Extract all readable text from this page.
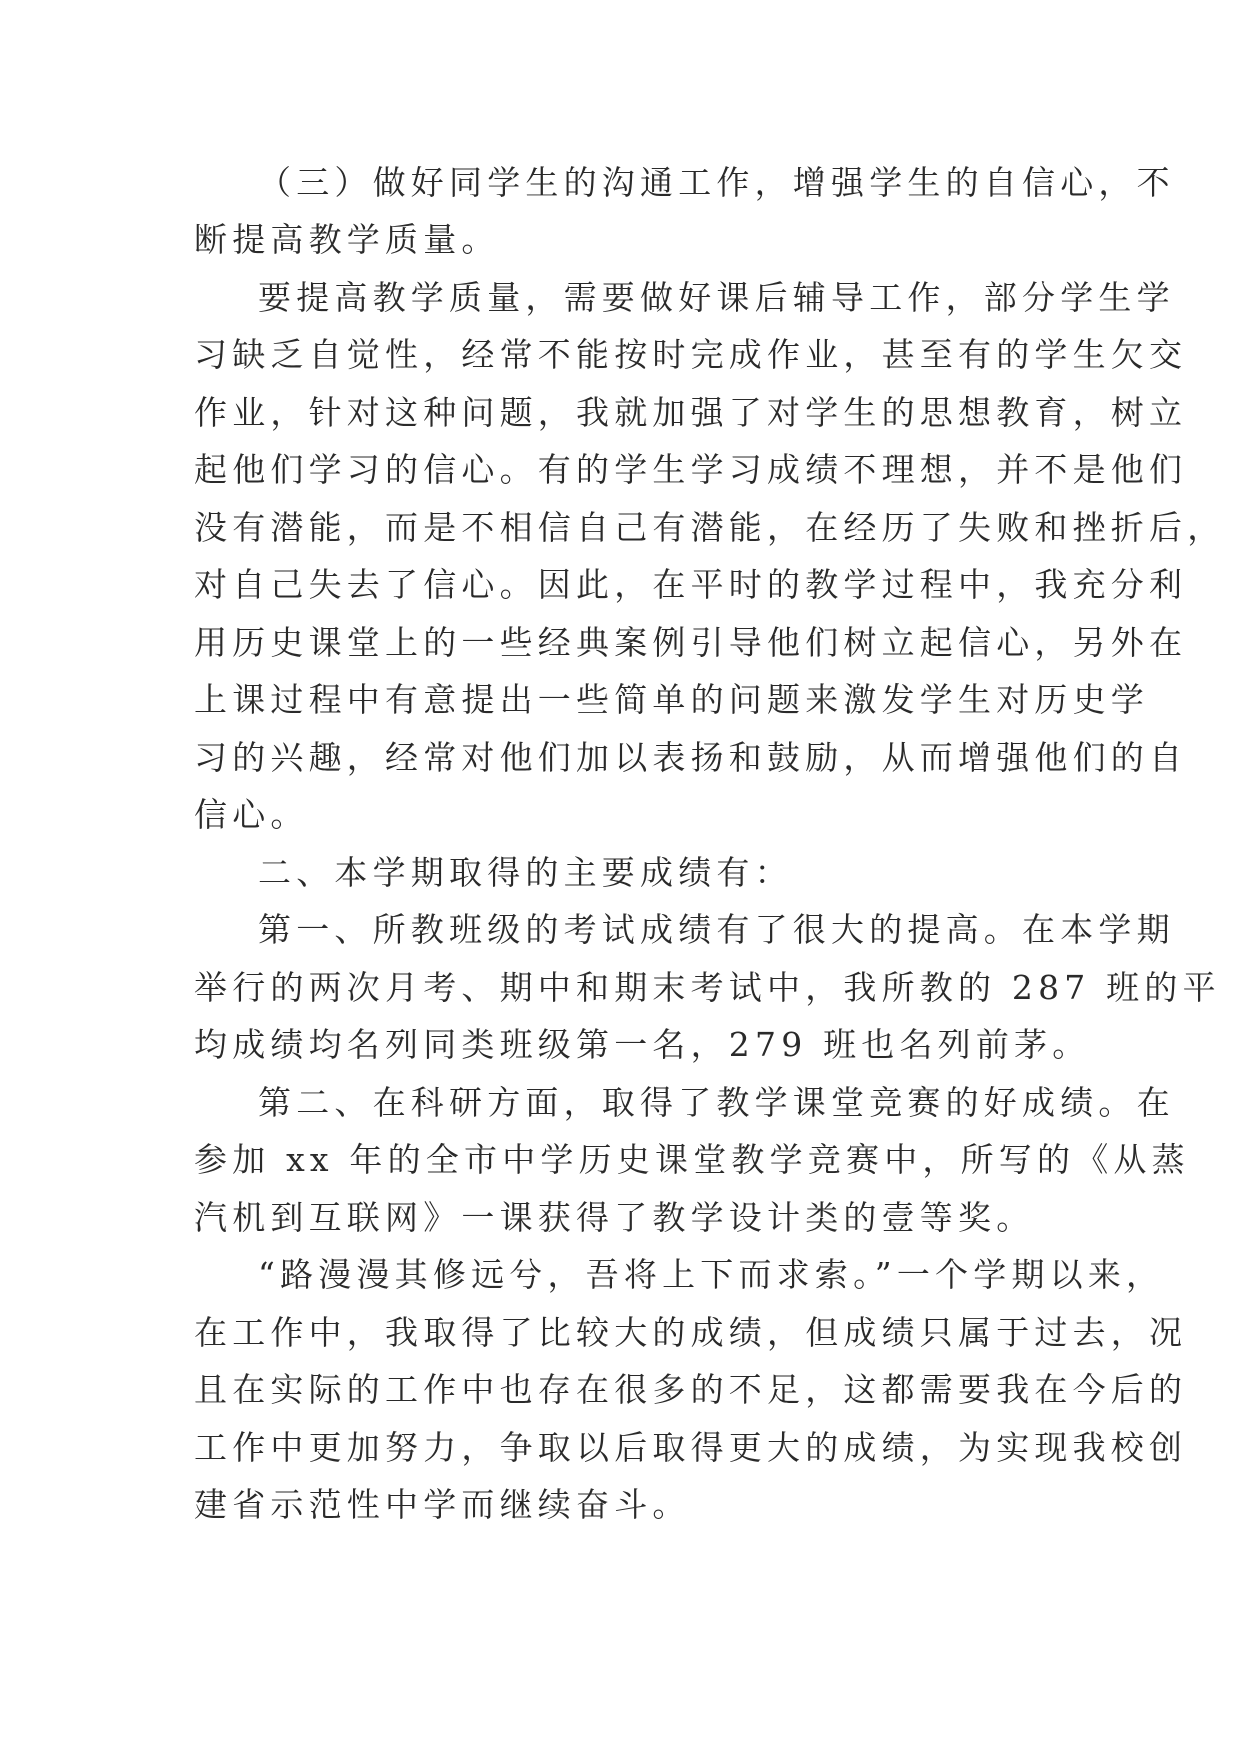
（三）做好同学生的沟通工作，增强学生的自信心，不
断提高教学质量。
要提高教学质量，需要做好课后辅导工作，部分学生学
习缺乏自觉性，经常不能按时完成作业，甚至有的学生欠交
作业，针对这种问题，我就加强了对学生的思想教育，树立
起他们学习的信心。有的学生学习成绩不理想，并不是他们
没有潜能，而是不相信自己有潜能，在经历了失败和挫折后，
对自己失去了信心。因此，在平时的教学过程中，我充分利
用历史课堂上的一些经典案例引导他们树立起信心，另外在
上课过程中有意提出一些简单的问题来激发学生对历史学
习的兴趣，经常对他们加以表扬和鼓励，从而增强他们的自
信心。
二、本学期取得的主要成绩有：
第一、所教班级的考试成绩有了很大的提高。在本学期
举行的两次月考、期中和期末考试中，我所教的 287 班的平
均成绩均名列同类班级第一名，279 班也名列前茅。
第二、在科研方面，取得了教学课堂竞赛的好成绩。在
参加 xx 年的全市中学历史课堂教学竞赛中，所写的《从蒸
汽机到互联网》一课获得了教学设计类的壹等奖。
“路漫漫其修远兮，吾将上下而求索。”一个学期以来，
在工作中，我取得了比较大的成绩，但成绩只属于过去，况
且在实际的工作中也存在很多的不足，这都需要我在今后的
工作中更加努力，争取以后取得更大的成绩，为实现我校创
建省示范性中学而继续奋斗。
